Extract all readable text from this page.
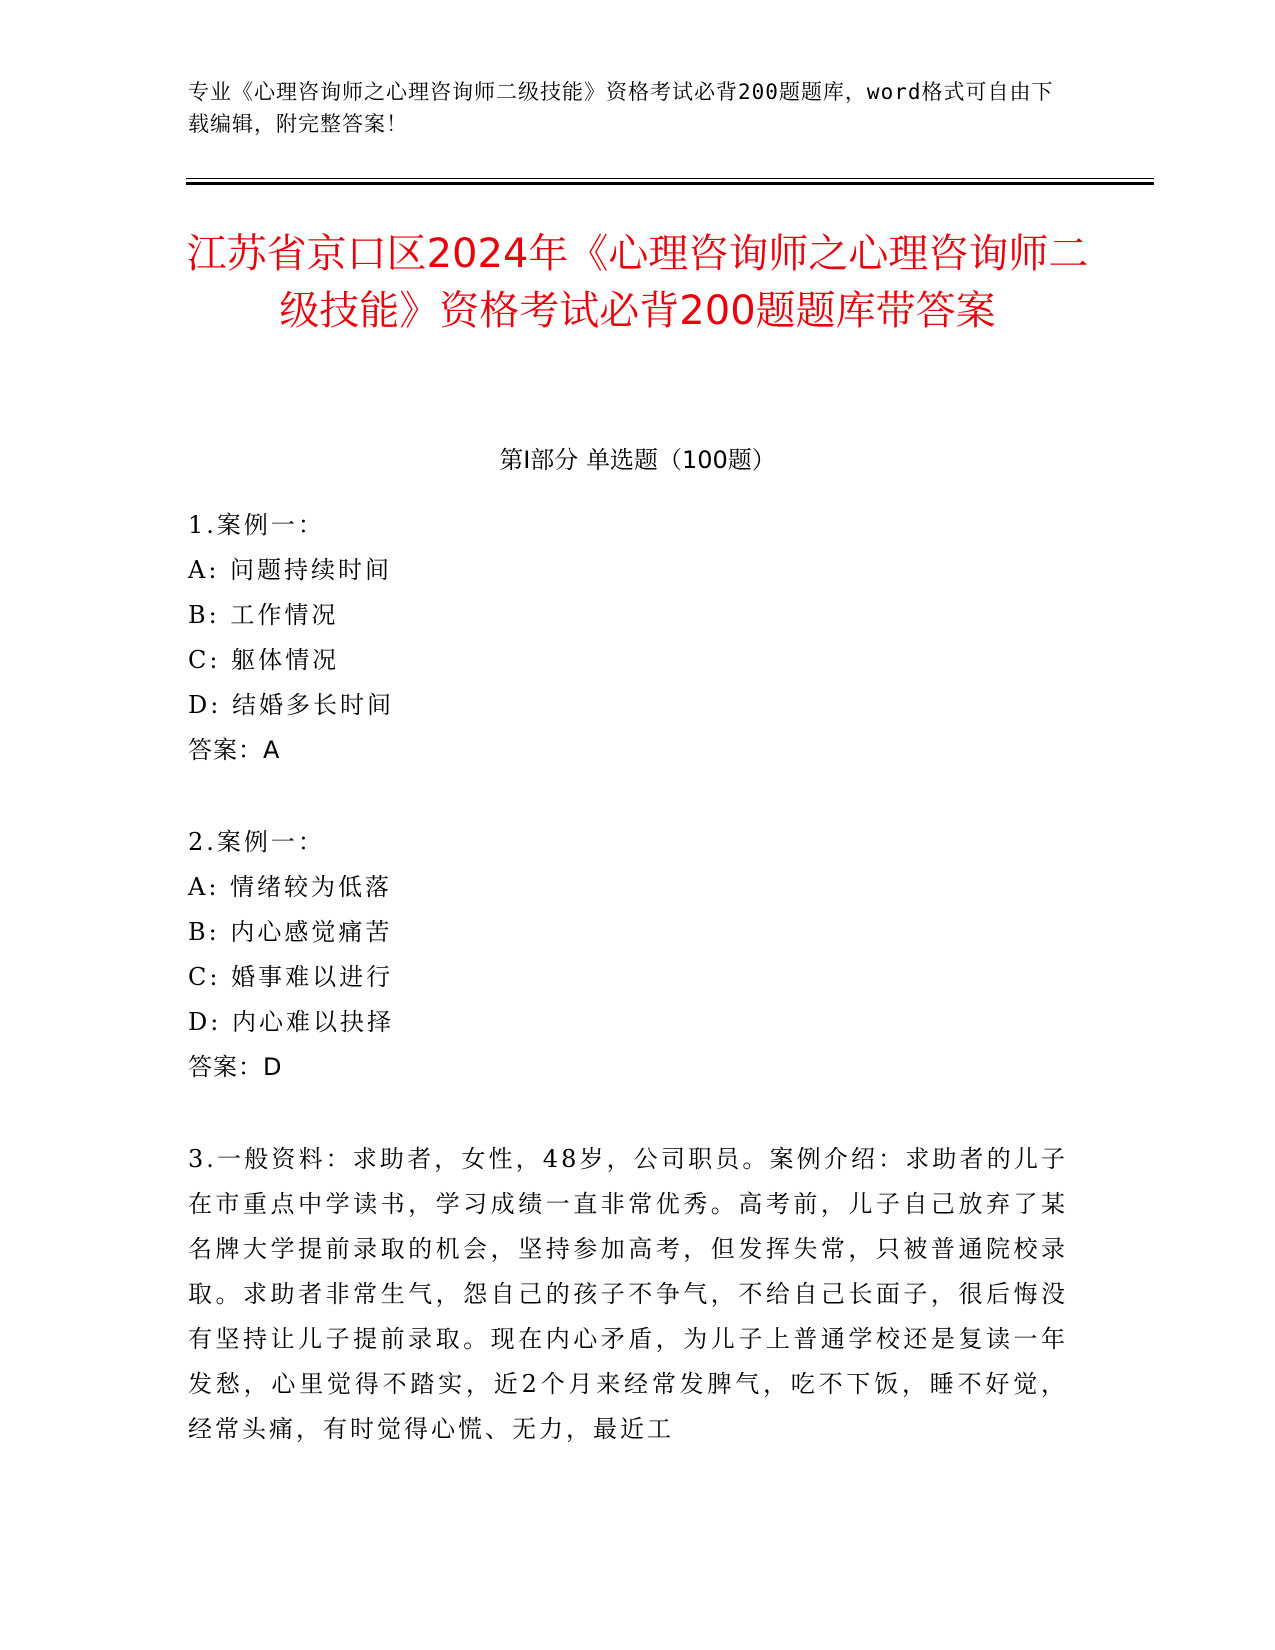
专业《心理咨询师之心理咨询师二级技能》资格考试必背200题题库，word格式可自由下载编辑，附完整答案！
江苏省京口区2024年《心理咨询师之心理咨询师二级技能》资格考试必背200题题库带答案
第Ⅰ部分 单选题（100题）
1.案例一：
A: 问题持续时间
B: 工作情况
C: 躯体情况
D: 结婚多长时间
答案：A
2.案例一：
A: 情绪较为低落
B: 内心感觉痛苦
C: 婚事难以进行
D: 内心难以抉择
答案：D
3.一般资料：求助者，女性，48岁，公司职员。案例介绍：求助者的儿子在市重点中学读书，学习成绩一直非常优秀。高考前，儿子自己放弃了某名牌大学提前录取的机会，坚持参加高考，但发挥失常，只被普通院校录取。求助者非常生气，怨自己的孩子不争气，不给自己长面子，很后悔没有坚持让儿子提前录取。现在内心矛盾，为儿子上普通学校还是复读一年发愁，心里觉得不踏实，近2个月来经常发脾气，吃不下饭，睡不好觉，经常头痛，有时觉得心慌、无力，最近工
